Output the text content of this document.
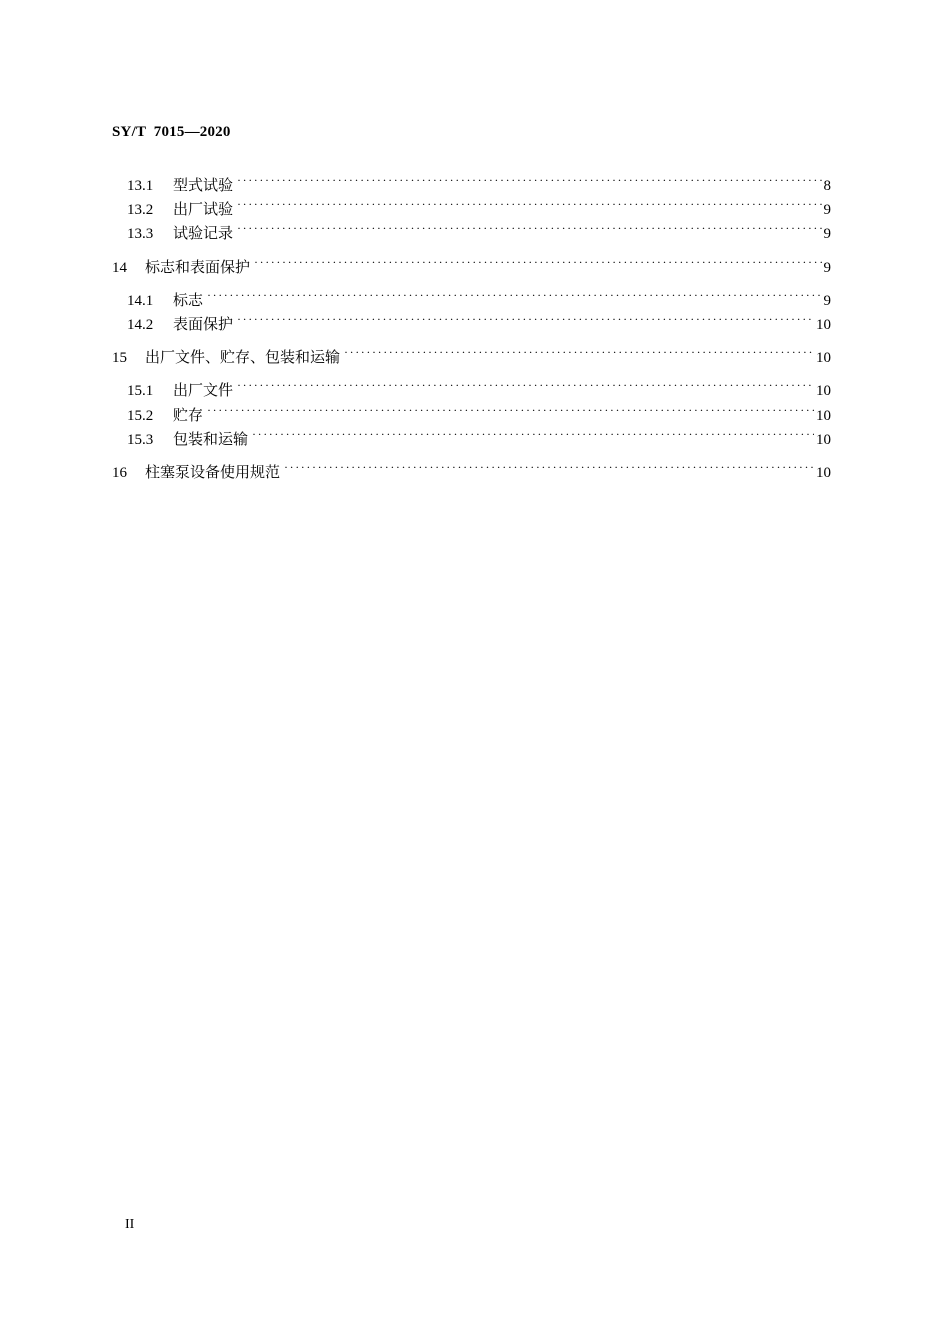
SY/T  7015—2020
13.1	型式试验 ·····	8
13.2	出厂试验 ·····	9
13.3	试验记录 ·····	9
14	标志和表面保护 ·····	9
14.1	标志 ·····	9
14.2	表面保护 ·····	10
15	出厂文件、贮存、包装和运输 ·····	10
15.1	出厂文件 ·····	10
15.2	贮存 ·····	10
15.3	包装和运输 ·····	10
16	柱塞泵设备使用规范 ·····	10
II
